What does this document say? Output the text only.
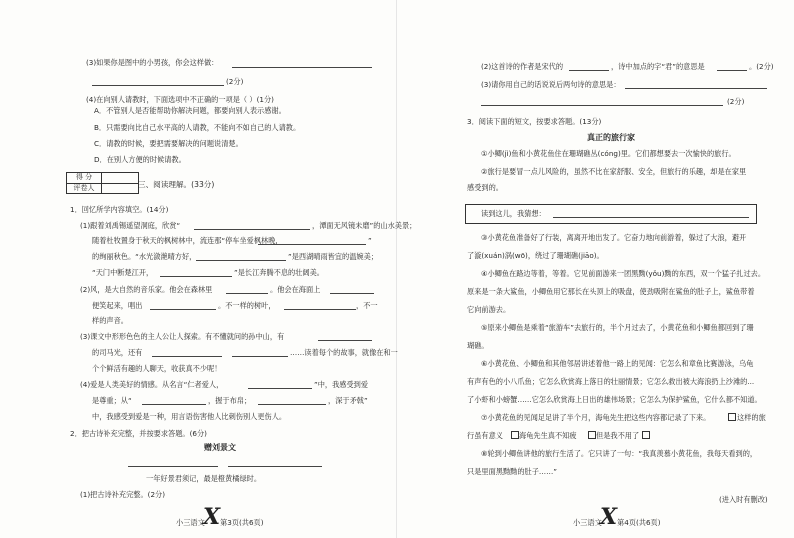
(3)如果你是图中的小男孩，你会这样做：
(2分)
(4)在向别人请教时，下面选项中不正确的一项是（ ）(1分)
A．不管别人是否能帮助你解决问题，都要向别人表示感谢。
B．只需要向比自己水平高的人请教，不能向不如自己的人请教。
C．请教的时候，要把需要解决的问题说清楚。
D．在别人方便的时候请教。
得 分	
评卷人		三、阅读理解。(33分)
1．回忆所学内容填空。(14分)
(1)跟着刘禹锡遥望洞庭，欣赏“	，潭面无风镜未磨”的山水美景；
随着杜牧置身于秋天的枫树林中，流连那“停车坐爱枫林晚，	”
的绚丽秋色。“水光潋滟晴方好，	”是西湖晴雨皆宜的温婉美；
“天门中断楚江开，	”是长江奔腾不息的壮阔美。
(2)风，是大自然的音乐家。他会在森林里	。他会在海面上
便笑起来，唱出	。不一样的树叶，	，不一
样的声音。
(3)课文中形形色色的主人公让人探索。有不懂就问的孙中山，有
的司马光，还有	……读着每个的故事，就像在和一
个个鲜活有趣的人聊天，收获真不少呢！
(4)爱是人类美好的情感。从名言“仁者爱人，	”中，我感受到爱
是尊重；从“	，握于布帛；	，深于矛戟”
中，我感受到爱是一种，用言语伤害他人比刺伤别人更伤人。
2．把古诗补充完整，并按要求答题。(6分)
赠刘景文
一年好景君须记，最是橙黄橘绿时。
(1)把古诗补充完整。(2分)
小三语文
X 第3页(共6页)
(2)这首诗的作者是宋代的	，诗中加点的字“君”的意思是	。(2分)
(3)请你用自己的话说说后两句诗的意思是：
(2分)
3．阅读下面的短文，按要求答题。(13分)
真正的旅行家
①小鲫(jì)鱼和小黄花鱼住在珊瑚礁丛(cóng)里。它们都想要去一次愉快的旅行。
②旅行是要冒一点儿风险的，虽然不比在家舒服、安全，但旅行的乐趣，却是在家里
感受到的。
读到这儿，我猜想：
③小黄花鱼准备好了行装，离离开地出发了。它奋力地向前游着，躲过了大浪，避开
了漩(xuán)涡(wō)，绕过了珊瑚礁(jiāo)。
④小鲫鱼在路边等着，等着。它见前面游来一团黑黝(yǒu)黝的东西，双一个猛子扎过去。
原来是一条大鲨鱼，小鲫鱼用它那长在头顶上的吸盘，使劲吸附在鲨鱼的肚子上，鲨鱼带着
它向前游去。
⑤原来小鲫鱼是乘着“旅游车”去旅行的，半个月过去了，小黄花鱼和小鲫鱼都回到了珊
瑚礁。
⑥小黄花鱼、小鲫鱼和其他邻居讲述着他一路上的见闻：它怎么和章鱼比赛游泳，乌龟
有声有色的小八爪鱼；它怎么欣赏海上落日的壮丽情景；它怎么救出被大海浪扔上沙滩的...
了小虾和小螃蟹……它怎么欣赏海上日出的雄伟场景；它怎么为保护鲨鱼，它什么都不知道。
⑦小黄花鱼的见闻足足讲了半个月，海龟先生把这些内容都记录了下来。	这样的旅
行虽有意义 海龟先生真不知疲	但是我不用了
⑧轮到小鲫鱼讲他的旅行生活了。它只讲了一句：“我真羡慕小黄花鱼，我每天看到的，
只是里面黑黝黝的肚子……”
(进入时有删改)
小三语文
X 第4页(共6页)
